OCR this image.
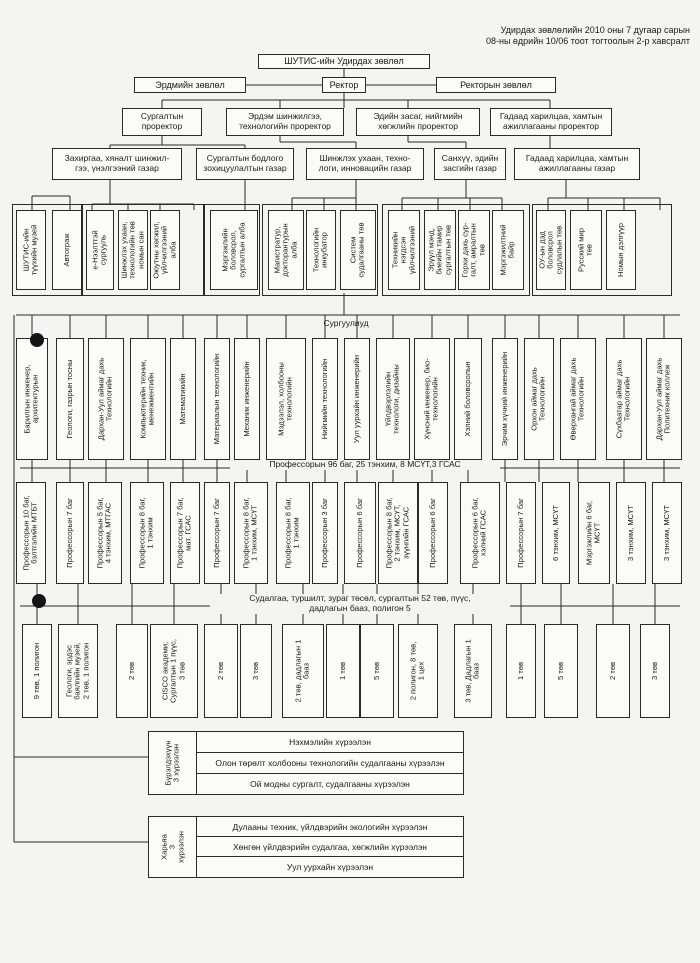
Удирдах зөвлөлийн 2010 оны 7 дугаар сарын
08-ны өдрийн 10/06 тоот тогтоолын 2-р хавсралт
ШУТИС-ийн Удирдах зөвлөл
Ректор
Эрдмийн зөвлөл	Ректорын зөвлөл
Сургалтын
проректор
Эрдэм шинжилгээ,
технологийн проректор
Эдийн засаг, нийгмийн
хөгжлийн проректор
Гадаад харилцаа, хамтын
ажиллагааны проректор
Захиргаа, хяналт шинжил-
гээ, үнэлгээний газар
Сургалтын бодлого
зохицуулалтын газар
Шинжлэх ухаан, техно-
логи, инновацийн газар
Санхүү, эдийн
засгийн газар
Гадаад харилцаа, хамтын
ажиллагааны газар
ШУТИС-ийн
түүхийн музей	Автограж	e-Нээлттэй
сургууль Шинжлэх ухаан,
технологийн төв
номын сан
Оюутны хөгжил,
үйлчилгээний
алба	Мэргэжлийн
боловсрол,
сургалтын алба	Магистратур,
докторантурын
алба Технологийн
инкубатор	Систем
судалгааны төв
Техникийн
нэгдсэн
үйлчилгээний Эрүүл мэнд,
биеийн тамир
сургалтын төв
Горхи дахь сур-
галт, амралтын
төв Мэргэжилтний
байр	ОУ-ын дэд
боловсрол
судлалын төв
Русский мир
төв	Номын дэлгүүр
Сургуулиуд
Барилгын инженер,
архитектурын	Геологи, газрын тосны	Дархан-Уул аймаг дахь
Технологийн	Компьютерийн техник,
менежментийн	Математикийн	Материалын технологийн	Механик инженерийн	Мэдээлэл, холбооны
технологийн	Нийгмийн технологийн	Уул уурхайн инженерийн	Үйлдвэрлэлийн
технологи, дизайны
Хүнсний инженер, био-
технологийн	Хэлний боловсролын	Эрчим хүчний инженерийн	Орхон аймаг дахь
Технологийн	Өвөрхангай аймаг дахь
Технологийн	Сүхбаатар аймаг дахь
Технологийн	Дархан-Уул аймаг дахь
Политехник коллеж
Профессорын 96 баг, 25 тэнхим, 8 МСҮТ,3 ГСАС
Профессорын 10 баг,
бэлтгэлийн МТБТ	Профессорын 7 баг	Профессорын 5 баг,
4 тэнхим, МТГАС
Профессорын 8 баг,
1 тэнхим	Профессорын 7 баг,
мат. ГСАС Профессорын 7 баг	Профессорын 8 баг,
1 тэнхим, МСҮТ
Профессорын 8 баг,
1 тэнхим Профессорын 3 баг	Профессорын 6 баг	Профессорын 8 баг,
2 тэнхим, МСҮТ,
зүүнгийн ГСАС Профессорын 6 баг	Профессорын 6 баг,
хэлний ГСАС	Профессорын 7 баг	6 тэнхим, МСҮТ	Мэргэжлийн 6 баг,
МСҮТ	3 тэнхим, МСҮТ	3 тэнхим, МСҮТ
Судалгаа, туршилт, зураг төсөл, сургалтын 52 төв, пүүс,
дадлагын бааз, полигон 5
9 төв, 1 полигон	Геологи, эрдэс
баялгийн музей,
2 төв, 1 полигон
2 төв
CISCO академи;
Сургалтын 1 пүүс,
3 төв	2 төв	3 төв
2 төв, дадлагын 1
бааз	1 төв	5 төв
2 полигон, 8 төв,
1 цех
3 төв, Дадлагын 1
бааз	1 төв	5 төв	2 төв	3 төв
Бүрэлдэхүүн
3 хүрээлэн
Нэхмэлийн хүрээлэн
Олон төрөлт холбооны технологийн судалгааны хүрээлэн
Ой модны сургалт, судалгааны хүрээлэн
Харьяа
3 хүрээлэн
Дулааны техник, үйлдвэрийн экологийн хүрээлэн
Хөнгөн үйлдвэрийн судалгаа, хөгжлийн хүрээлэн
Уул уурхайн хүрээлэн
